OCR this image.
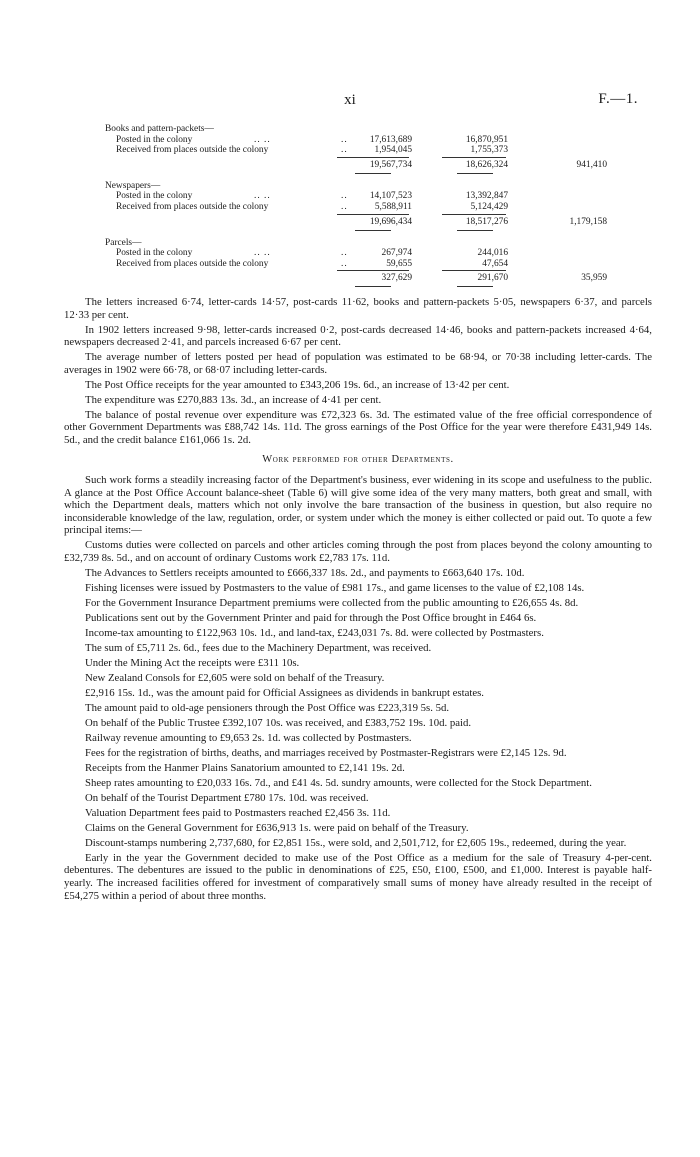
xi	F.—1.
Books and pattern-packets—
Posted in the colony	.. ..	..	17,613,689	16,870,951
Received from places outside the colony	..	1,954,045	1,755,373
19,567,734	18,626,324	941,410
Newspapers—
Posted in the colony	.. ..	..	14,107,523	13,392,847
Received from places outside the colony	..	5,588,911	5,124,429
19,696,434	18,517,276	1,179,158
Parcels—
Posted in the colony	.. ..	..	267,974	244,016
Received from places outside the colony	..	59,655	47,654
327,629	291,670	35,959

The letters increased 6·74, letter-cards 14·57, post-cards 11·62, books and pattern-packets 5·05, newspapers 6·37, and parcels 12·33 per cent.

In 1902 letters increased 9·98, letter-cards increased 0·2, post-cards decreased 14·46, books and pattern-packets increased 4·64, newspapers decreased 2·41, and parcels increased 6·67 per cent.

The average number of letters posted per head of population was estimated to be 68·94, or 70·38 including letter-cards. The averages in 1902 were 66·78, or 68·07 including letter-cards.

The Post Office receipts for the year amounted to £343,206 19s. 6d., an increase of 13·42 per cent.

The expenditure was £270,883 13s. 3d., an increase of 4·41 per cent.

The balance of postal revenue over expenditure was £72,323 6s. 3d. The estimated value of the free official correspondence of other Government Departments was £88,742 14s. 11d. The gross earnings of the Post Office for the year were therefore £431,949 14s. 5d., and the credit balance £161,066 1s. 2d.

Work performed for other Departments.

Such work forms a steadily increasing factor of the Department's business, ever widening in its scope and usefulness to the public. A glance at the Post Office Account balance-sheet (Table 6) will give some idea of the very many matters, both great and small, with which the Department deals, matters which not only involve the bare transaction of the business in question, but also require no inconsiderable knowledge of the law, regulation, order, or system under which the money is either collected or paid out. To quote a few principal items:—

Customs duties were collected on parcels and other articles coming through the post from places beyond the colony amounting to £32,739 8s. 5d., and on account of ordinary Customs work £2,783 17s. 11d.

The Advances to Settlers receipts amounted to £666,337 18s. 2d., and payments to £663,640 17s. 10d.

Fishing licenses were issued by Postmasters to the value of £981 17s., and game licenses to the value of £2,108 14s.

For the Government Insurance Department premiums were collected from the public amounting to £26,655 4s. 8d.

Publications sent out by the Government Printer and paid for through the Post Office brought in £464 6s.

Income-tax amounting to £122,963 10s. 1d., and land-tax, £243,031 7s. 8d. were collected by Postmasters.

The sum of £5,711 2s. 6d., fees due to the Machinery Department, was received.

Under the Mining Act the receipts were £311 10s.

New Zealand Consols for £2,605 were sold on behalf of the Treasury.

£2,916 15s. 1d., was the amount paid for Official Assignees as dividends in bankrupt estates.

The amount paid to old-age pensioners through the Post Office was £223,319 5s. 5d.

On behalf of the Public Trustee £392,107 10s. was received, and £383,752 19s. 10d. paid.

Railway revenue amounting to £9,653 2s. 1d. was collected by Postmasters.

Fees for the registration of births, deaths, and marriages received by Postmaster-Registrars were £2,145 12s. 9d.

Receipts from the Hanmer Plains Sanatorium amounted to £2,141 19s. 2d.

Sheep rates amounting to £20,033 16s. 7d., and £41 4s. 5d. sundry amounts, were collected for the Stock Department.

On behalf of the Tourist Department £780 17s. 10d. was received.

Valuation Department fees paid to Postmasters reached £2,456 3s. 11d.

Claims on the General Government for £636,913 1s. were paid on behalf of the Treasury.

Discount-stamps numbering 2,737,680, for £2,851 15s., were sold, and 2,501,712, for £2,605 19s., redeemed, during the year.

Early in the year the Government decided to make use of the Post Office as a medium for the sale of Treasury 4-per-cent. debentures. The debentures are issued to the public in denominations of £25, £50, £100, £500, and £1,000. Interest is payable half-yearly. The increased facilities offered for investment of comparatively small sums of money have already resulted in the receipt of £54,275 within a period of about three months.
